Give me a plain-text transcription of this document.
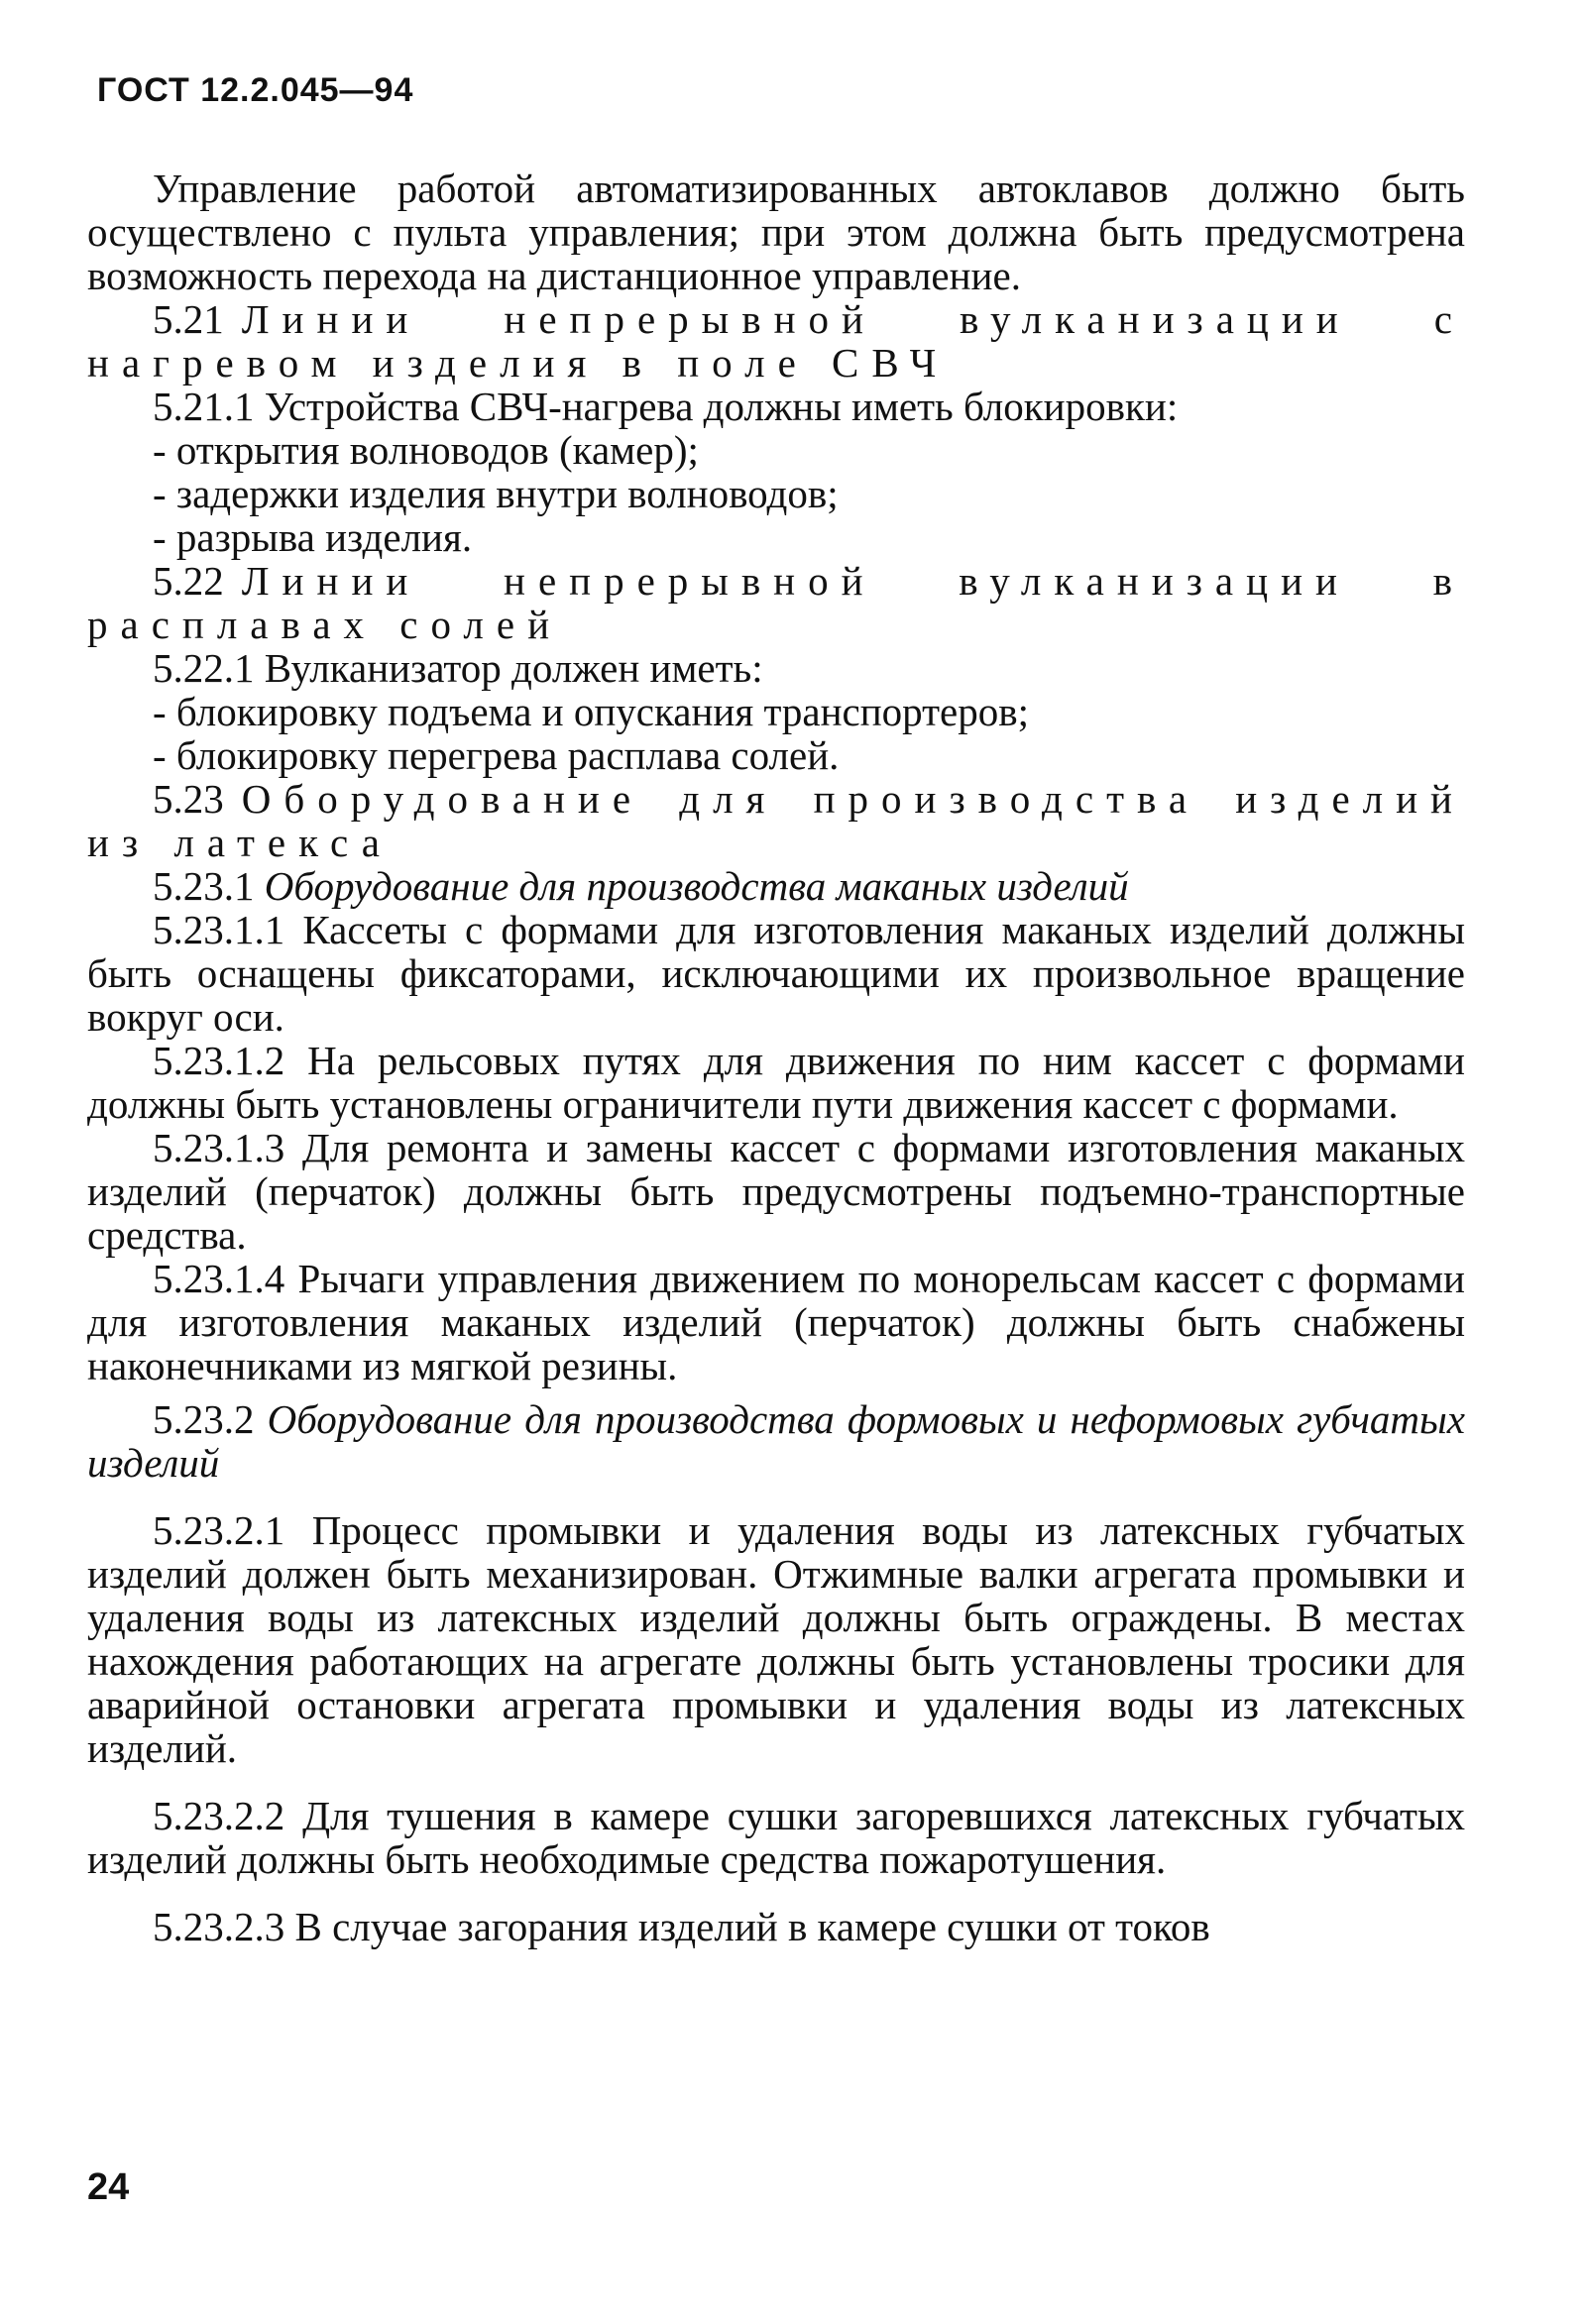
ГОСТ 12.2.045—94

Управление работой автоматизированных автоклавов должно быть осуществлено с пульта управления; при этом должна быть предусмотрена возможность перехода на дистанционное управление.

5.21 Линии непрерывной вулканизации с нагревом изделия в поле СВЧ

5.21.1 Устройства СВЧ-нагрева должны иметь блокировки:

- открытия волноводов (камер);

- задержки изделия внутри волноводов;

- разрыва изделия.

5.22 Линии непрерывной вулканизации в расплавах солей

5.22.1 Вулканизатор должен иметь:

- блокировку подъема и опускания транспортеров;

- блокировку перегрева расплава солей.

5.23 Оборудование для производства изделий из латекса

5.23.1 Оборудование для производства маканых изделий

5.23.1.1 Кассеты с формами для изготовления маканых изделий должны быть оснащены фиксаторами, исключающими их произвольное вращение вокруг оси.

5.23.1.2 На рельсовых путях для движения по ним кассет с формами должны быть установлены ограничители пути движения кассет с формами.

5.23.1.3 Для ремонта и замены кассет с формами изготовления маканых изделий (перчаток) должны быть предусмотрены подъемно-транспортные средства.

5.23.1.4 Рычаги управления движением по монорельсам кассет с формами для изготовления маканых изделий (перчаток) должны быть снабжены наконечниками из мягкой резины.

5.23.2 Оборудование для производства формовых и неформовых губчатых изделий

5.23.2.1 Процесс промывки и удаления воды из латексных губчатых изделий должен быть механизирован. Отжимные валки агрегата промывки и удаления воды из латексных изделий должны быть ограждены. В местах нахождения работающих на агрегате должны быть установлены тросики для аварийной остановки агрегата промывки и удаления воды из латексных изделий.

5.23.2.2 Для тушения в камере сушки загоревшихся латексных губчатых изделий должны быть необходимые средства пожаротушения.

5.23.2.3 В случае загорания изделий в камере сушки от токов

24
